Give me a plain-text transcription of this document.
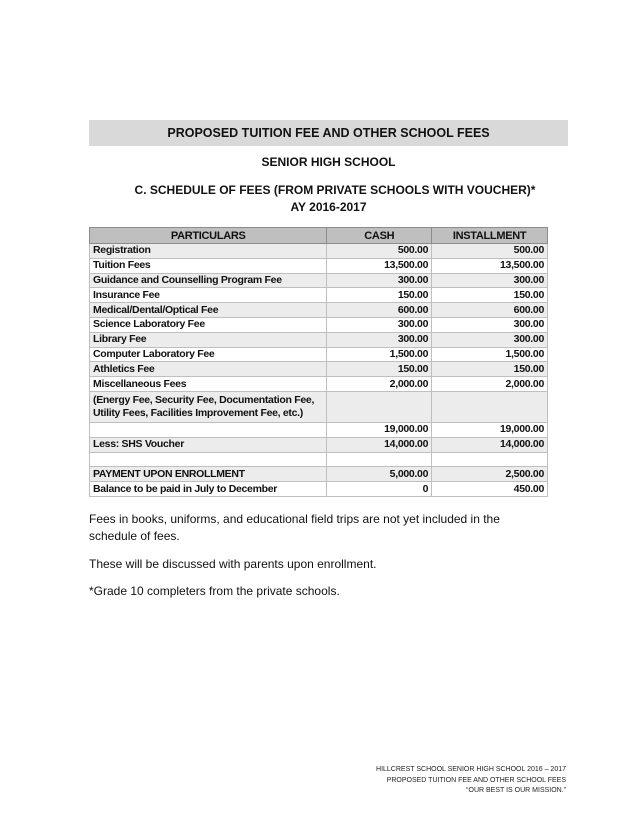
PROPOSED TUITION FEE AND OTHER SCHOOL FEES
SENIOR HIGH SCHOOL
C. SCHEDULE OF FEES (FROM PRIVATE SCHOOLS WITH VOUCHER)*
AY 2016-2017
PARTICULARS	CASH	INSTALLMENT
Registration	500.00	500.00
Tuition Fees	13,500.00	13,500.00
Guidance and Counselling Program Fee	300.00	300.00
Insurance Fee	150.00	150.00
Medical/Dental/Optical Fee	600.00	600.00
Science Laboratory Fee	300.00	300.00
Library Fee	300.00	300.00
Computer Laboratory Fee	1,500.00	1,500.00
Athletics Fee	150.00	150.00
Miscellaneous Fees	2,000.00	2,000.00

(Energy Fee, Security Fee, Documentation Fee,
Utility Fees, Facilities Improvement Fee, etc.)		

	19,000.00	19,000.00
Less: SHS Voucher	14,000.00	14,000.00

PAYMENT UPON ENROLLMENT	5,000.00	2,500.00
Balance to be paid in July to December	0	450.00
Fees in books, uniforms, and educational field trips are not yet included in the
schedule of fees.
These will be discussed with parents upon enrollment.
*Grade 10 completers from the private schools.
HILLCREST SCHOOL SENIOR HIGH SCHOOL 2016 – 2017
PROPOSED TUITION FEE AND OTHER SCHOOL FEES
“OUR BEST IS OUR MISSION.”
